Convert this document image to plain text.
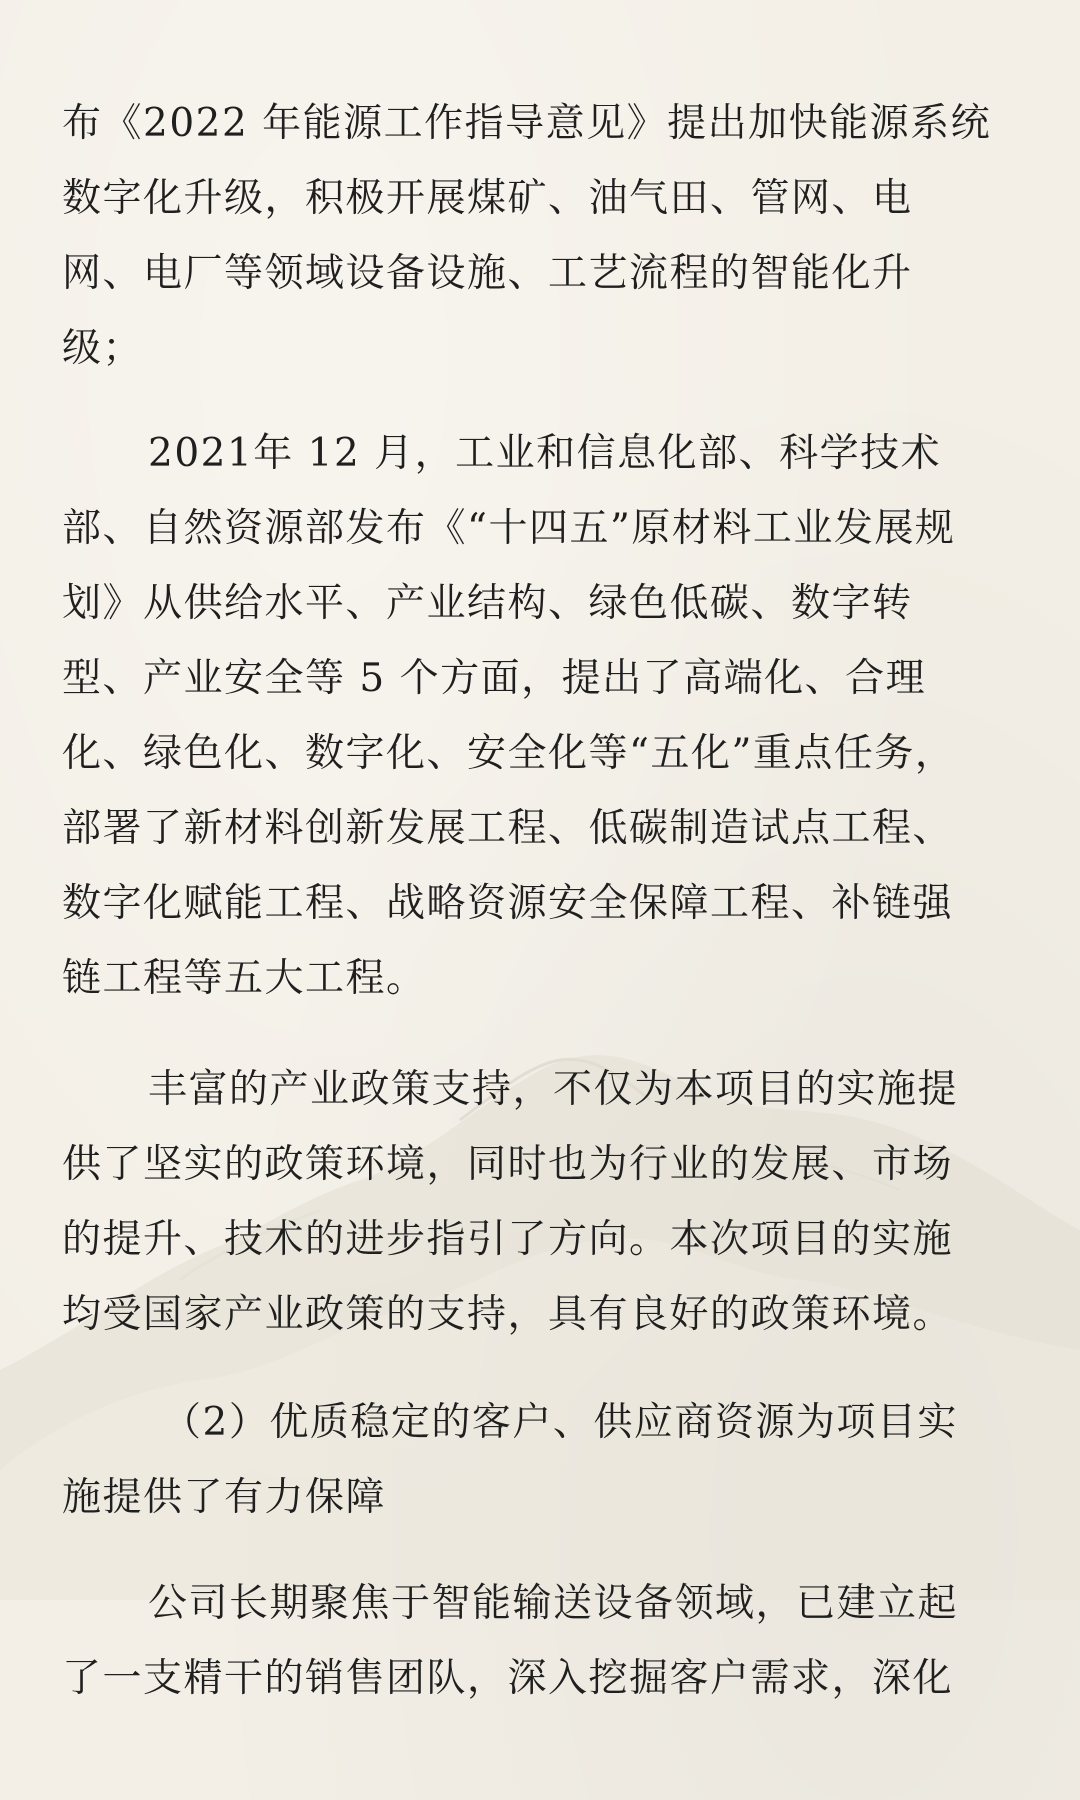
布《2022 年能源工作指导意见》提出加快能源系统
数字化升级，积极开展煤矿、油气田、管网、电
网、电厂等领域设备设施、工艺流程的智能化升
级；
2021年 12 月，工业和信息化部、科学技术
部、自然资源部发布《“十四五”原材料工业发展规
划》从供给水平、产业结构、绿色低碳、数字转
型、产业安全等 5 个方面，提出了高端化、合理
化、绿色化、数字化、安全化等“五化”重点任务，
部署了新材料创新发展工程、低碳制造试点工程、
数字化赋能工程、战略资源安全保障工程、补链强
链工程等五大工程。
丰富的产业政策支持，不仅为本项目的实施提
供了坚实的政策环境，同时也为行业的发展、市场
的提升、技术的进步指引了方向。本次项目的实施
均受国家产业政策的支持，具有良好的政策环境。
（2）优质稳定的客户、供应商资源为项目实
施提供了有力保障
公司长期聚焦于智能输送设备领域，已建立起
了一支精干的销售团队，深入挖掘客户需求，深化
